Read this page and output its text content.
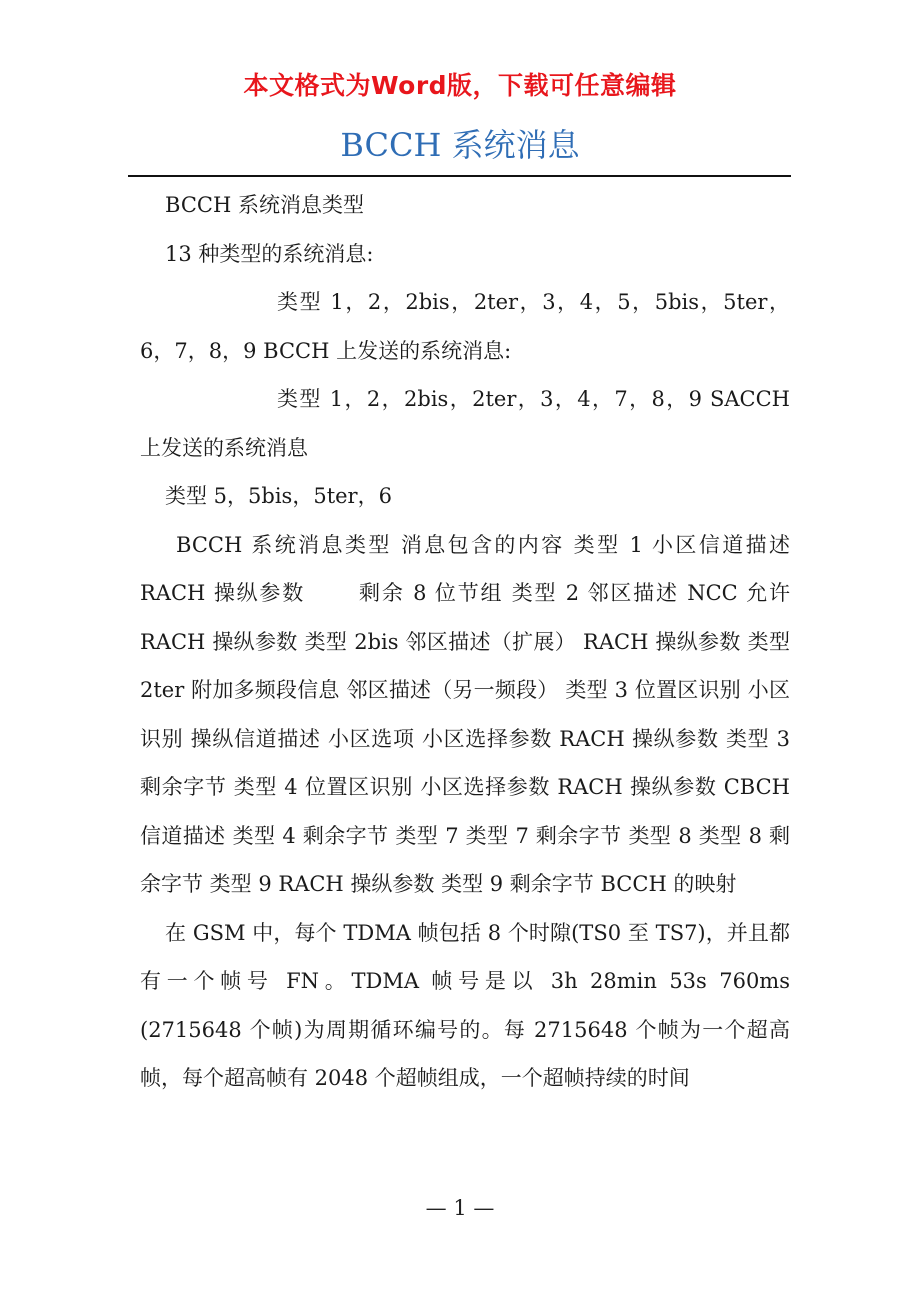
本文格式为Word版，下载可任意编辑
BCCH 系统消息

BCCH 系统消息类型

13 种类型的系统消息:

类型 1，2，2bis，2ter，3，4，5，5bis，5ter，6，7，8，9 BCCH 上发送的系统消息:

类型 1，2，2bis，2ter，3，4，7，8，9 SACCH 上发送的系统消息

类型 5，5bis，5ter，6

BCCH 系统消息类型 消息包含的内容 类型 1 小区信道描述 RACH 操纵参数 　　剩余 8 位节组 类型 2 邻区描述 NCC 允许 RACH 操纵参数 类型 2bis 邻区描述（扩展） RACH 操纵参数 类型 2ter 附加多频段信息 邻区描述（另一频段） 类型 3 位置区识别 小区识别 操纵信道描述 小区选项 小区选择参数 RACH 操纵参数 类型 3 剩余字节 类型 4 位置区识别 小区选择参数 RACH 操纵参数 CBCH 信道描述 类型 4 剩余字节 类型 7 类型 7 剩余字节 类型 8 类型 8 剩余字节 类型 9 RACH 操纵参数 类型 9 剩余字节 BCCH 的映射

在 GSM 中，每个 TDMA 帧包括 8 个时隙(TS0 至 TS7)，并且都有一个帧号 FN。TDMA 帧号是以 3h 28min 53s 760ms (2715648 个帧)为周期循环编号的。每 2715648 个帧为一个超高帧，每个超高帧有 2048 个超帧组成，一个超帧持续的时间

— 1 —
